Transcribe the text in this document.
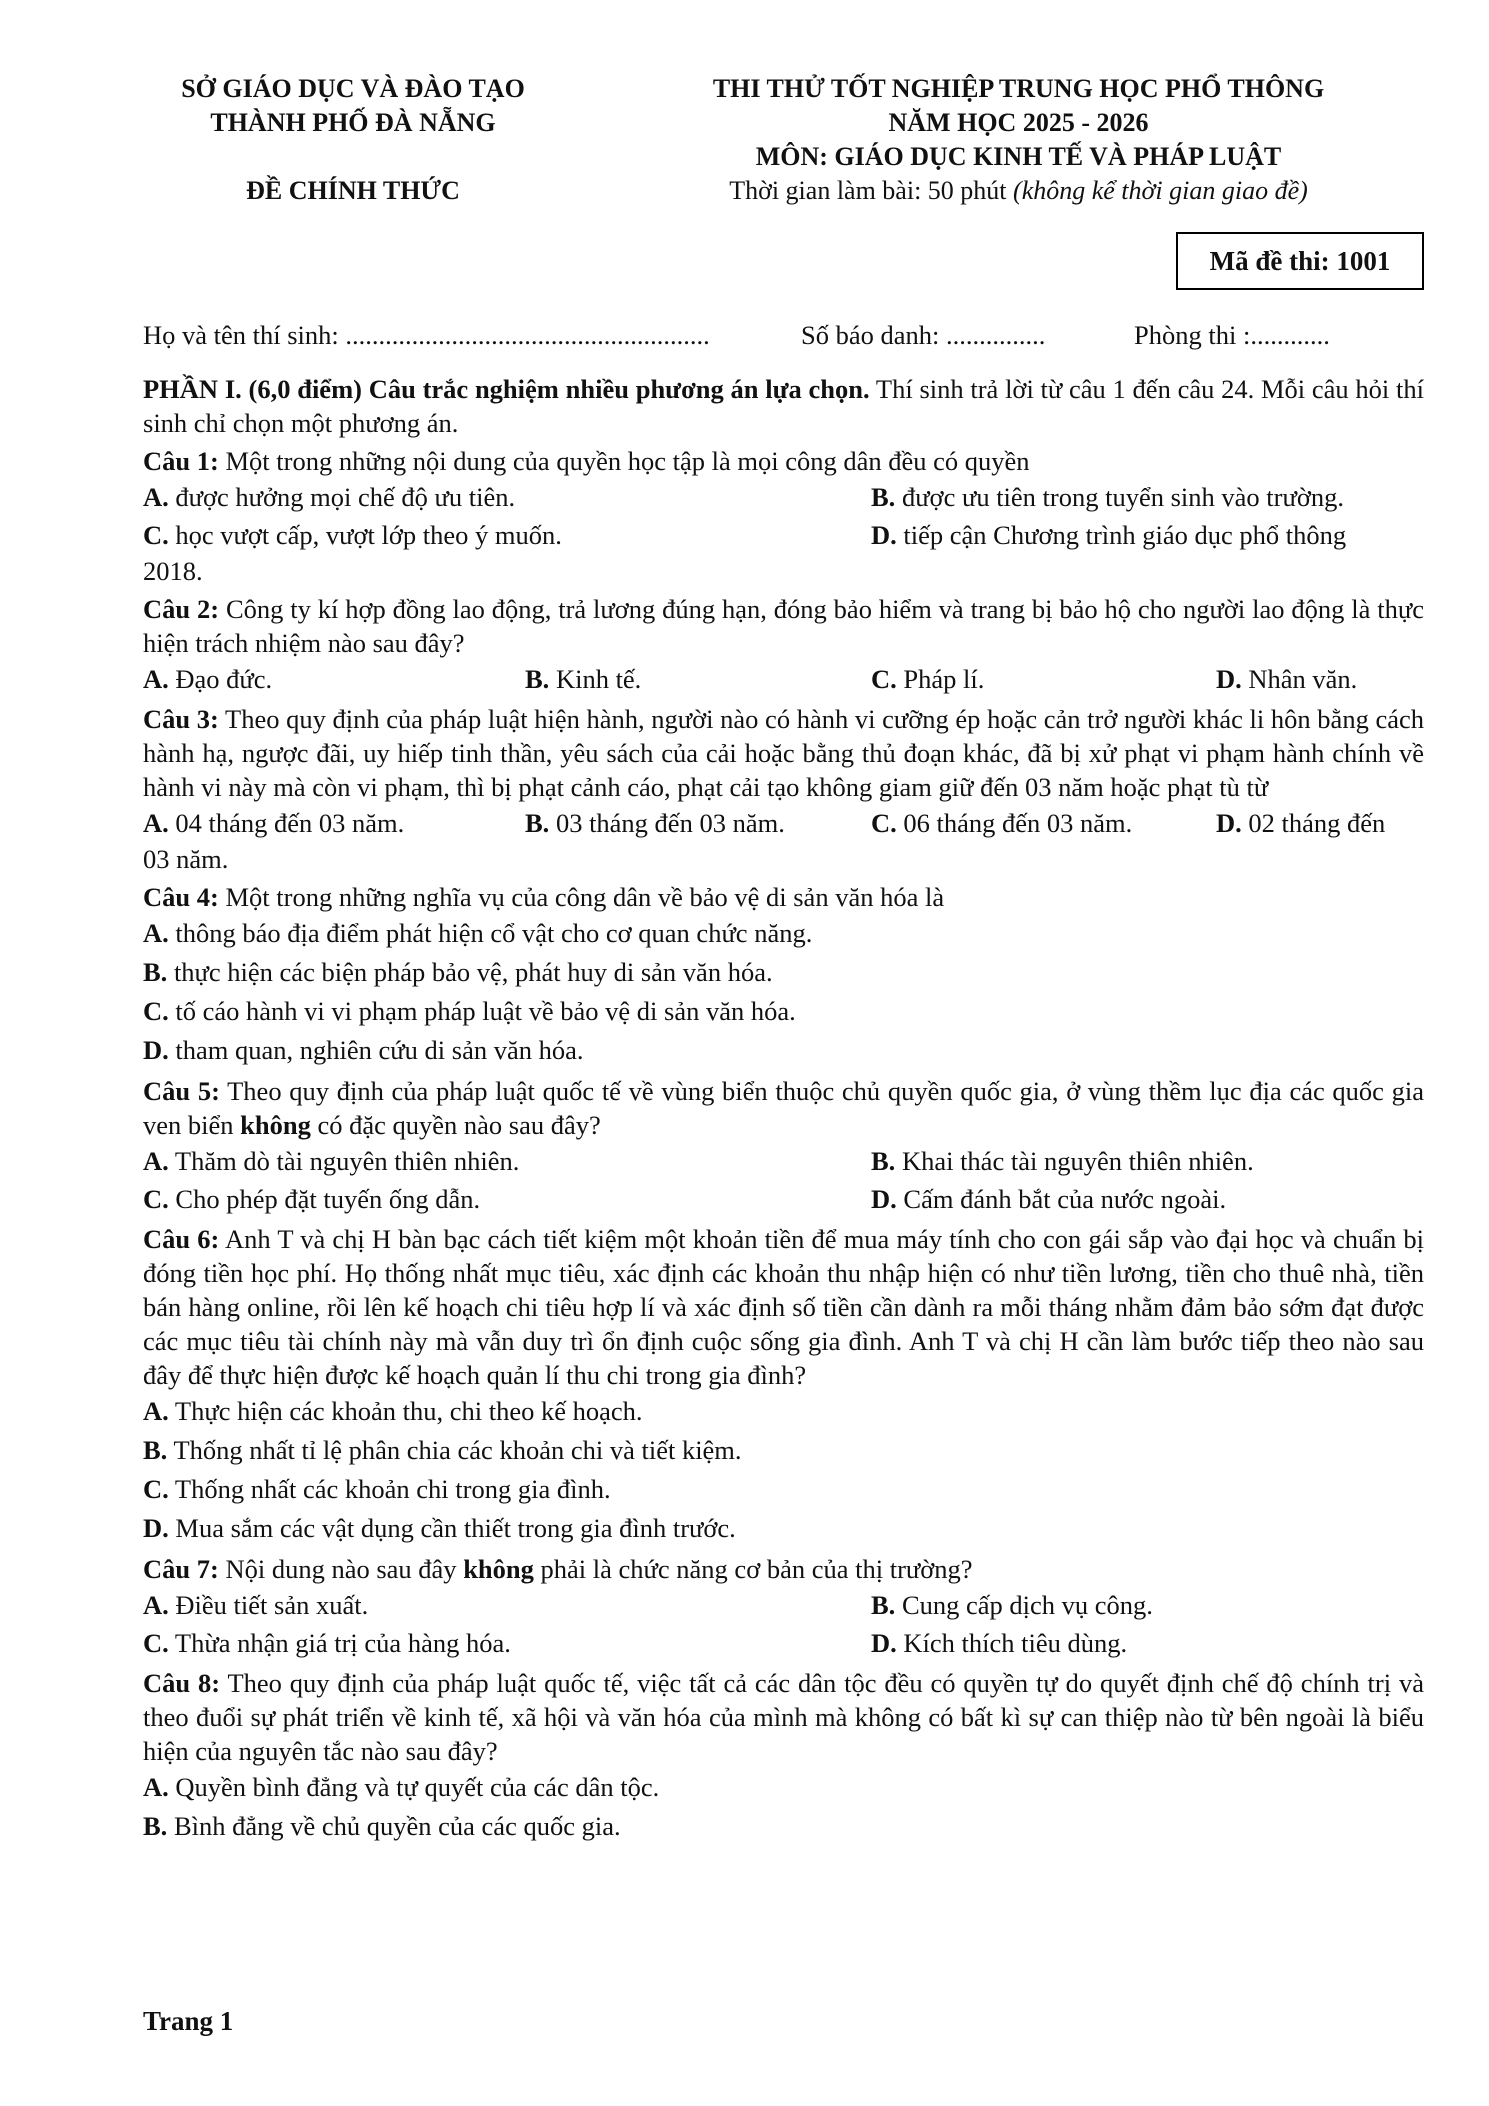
SỞ GIÁO DỤC VÀ ĐÀO TẠO
THÀNH PHỐ ĐÀ NẴNG
ĐỀ CHÍNH THỨC
THI THỬ TỐT NGHIỆP TRUNG HỌC PHỔ THÔNG
NĂM HỌC 2025 - 2026
MÔN: GIÁO DỤC KINH TẾ VÀ PHÁP LUẬT
Thời gian làm bài: 50 phút (không kể thời gian giao đề)
Mã đề thi: 1001
Họ và tên thí sinh: .......................................................	Số báo danh: ...............	Phòng thi :............
PHẦN I. (6,0 điểm) Câu trắc nghiệm nhiều phương án lựa chọn. Thí sinh trả lời từ câu 1 đến câu 24. Mỗi câu hỏi thí sinh chỉ chọn một phương án.
Câu 1: Một trong những nội dung của quyền học tập là mọi công dân đều có quyền
A. được hưởng mọi chế độ ưu tiên.	B. được ưu tiên trong tuyển sinh vào trường.
C. học vượt cấp, vượt lớp theo ý muốn.	D. tiếp cận Chương trình giáo dục phổ thông
2018.
Câu 2: Công ty kí hợp đồng lao động, trả lương đúng hạn, đóng bảo hiểm và trang bị bảo hộ cho người lao động là thực hiện trách nhiệm nào sau đây?
A. Đạo đức.	B. Kinh tế.	C. Pháp lí.	D. Nhân văn.
Câu 3: Theo quy định của pháp luật hiện hành, người nào có hành vi cưỡng ép hoặc cản trở người khác li hôn bằng cách hành hạ, ngược đãi, uy hiếp tinh thần, yêu sách của cải hoặc bằng thủ đoạn khác, đã bị xử phạt vi phạm hành chính về hành vi này mà còn vi phạm, thì bị phạt cảnh cáo, phạt cải tạo không giam giữ đến 03 năm hoặc phạt tù từ
A. 04 tháng đến 03 năm.	B. 03 tháng đến 03 năm.	C. 06 tháng đến 03 năm.	D. 02 tháng đến
03 năm.
Câu 4: Một trong những nghĩa vụ của công dân về bảo vệ di sản văn hóa là
A. thông báo địa điểm phát hiện cổ vật cho cơ quan chức năng.
B. thực hiện các biện pháp bảo vệ, phát huy di sản văn hóa.
C. tố cáo hành vi vi phạm pháp luật về bảo vệ di sản văn hóa.
D. tham quan, nghiên cứu di sản văn hóa.
Câu 5: Theo quy định của pháp luật quốc tế về vùng biển thuộc chủ quyền quốc gia, ở vùng thềm lục địa các quốc gia ven biển không có đặc quyền nào sau đây?
A. Thăm dò tài nguyên thiên nhiên.	B. Khai thác tài nguyên thiên nhiên.
C. Cho phép đặt tuyến ống dẫn.	D. Cấm đánh bắt của nước ngoài.
Câu 6: Anh T và chị H bàn bạc cách tiết kiệm một khoản tiền để mua máy tính cho con gái sắp vào đại học và chuẩn bị đóng tiền học phí. Họ thống nhất mục tiêu, xác định các khoản thu nhập hiện có như tiền lương, tiền cho thuê nhà, tiền bán hàng online, rồi lên kế hoạch chi tiêu hợp lí và xác định số tiền cần dành ra mỗi tháng nhằm đảm bảo sớm đạt được các mục tiêu tài chính này mà vẫn duy trì ổn định cuộc sống gia đình. Anh T và chị H cần làm bước tiếp theo nào sau đây để thực hiện được kế hoạch quản lí thu chi trong gia đình?
A. Thực hiện các khoản thu, chi theo kế hoạch.
B. Thống nhất tỉ lệ phân chia các khoản chi và tiết kiệm.
C. Thống nhất các khoản chi trong gia đình.
D. Mua sắm các vật dụng cần thiết trong gia đình trước.
Câu 7: Nội dung nào sau đây không phải là chức năng cơ bản của thị trường?
A. Điều tiết sản xuất.	B. Cung cấp dịch vụ công.
C. Thừa nhận giá trị của hàng hóa.	D. Kích thích tiêu dùng.
Câu 8: Theo quy định của pháp luật quốc tế, việc tất cả các dân tộc đều có quyền tự do quyết định chế độ chính trị và theo đuổi sự phát triển về kinh tế, xã hội và văn hóa của mình mà không có bất kì sự can thiệp nào từ bên ngoài là biểu hiện của nguyên tắc nào sau đây?
A. Quyền bình đẳng và tự quyết của các dân tộc.
B. Bình đẳng về chủ quyền của các quốc gia.
Trang 1
